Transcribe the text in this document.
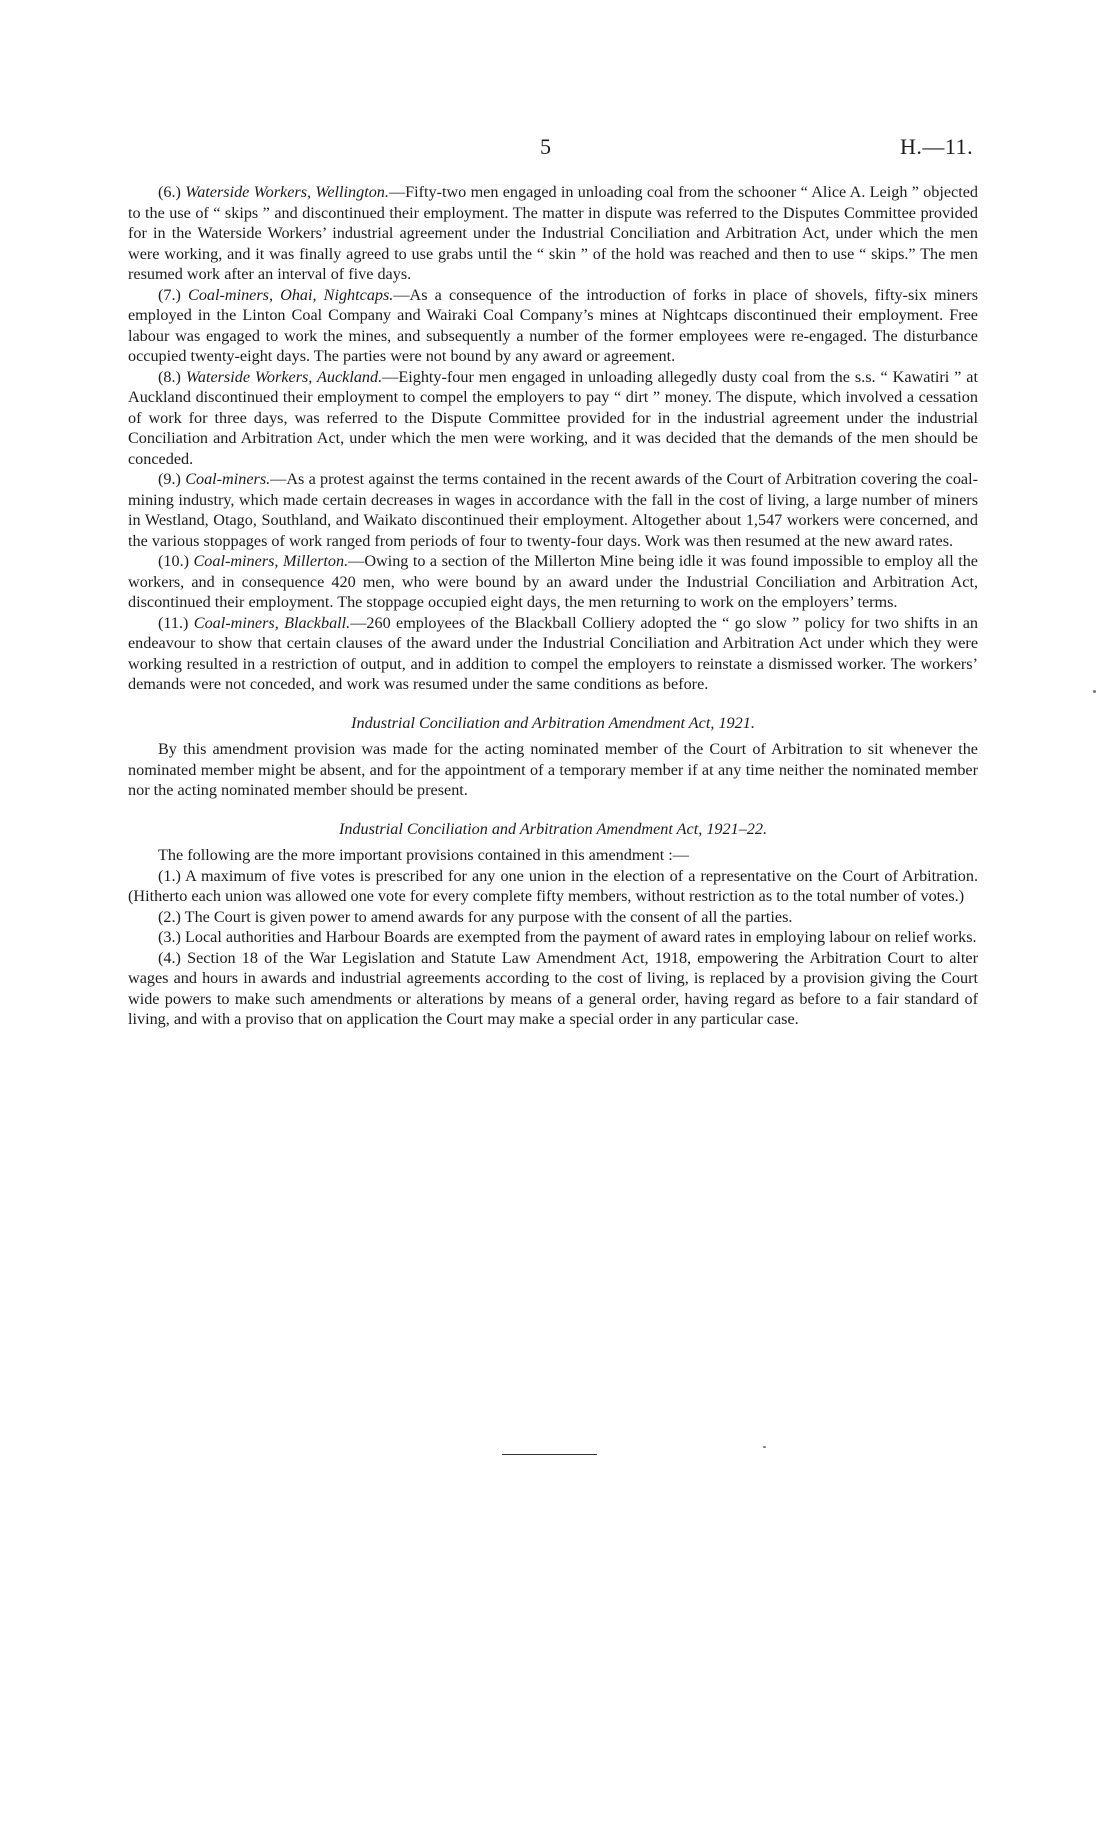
5	H.—11.

(6.) Waterside Workers, Wellington.—Fifty-two men engaged in unloading coal from the schooner “ Alice A. Leigh ” objected to the use of “ skips ” and discontinued their employment. The matter in dispute was referred to the Disputes Committee provided for in the Waterside Workers’ industrial agreement under the Industrial Conciliation and Arbitration Act, under which the men were working, and it was finally agreed to use grabs until the “ skin ” of the hold was reached and then to use “ skips.” The men resumed work after an interval of five days.

(7.) Coal-miners, Ohai, Nightcaps.—As a consequence of the introduction of forks in place of shovels, fifty-six miners employed in the Linton Coal Company and Wairaki Coal Company’s mines at Nightcaps discontinued their employment. Free labour was engaged to work the mines, and subsequently a number of the former employees were re-engaged. The disturbance occupied twenty-eight days. The parties were not bound by any award or agreement.

(8.) Waterside Workers, Auckland.—Eighty-four men engaged in unloading allegedly dusty coal from the s.s. “ Kawatiri ” at Auckland discontinued their employment to compel the employers to pay “ dirt ” money. The dispute, which involved a cessation of work for three days, was referred to the Dispute Committee provided for in the industrial agreement under the industrial Conciliation and Arbitration Act, under which the men were working, and it was decided that the demands of the men should be conceded.

(9.) Coal-miners.—As a protest against the terms contained in the recent awards of the Court of Arbitration covering the coal-mining industry, which made certain decreases in wages in accordance with the fall in the cost of living, a large number of miners in Westland, Otago, Southland, and Waikato discontinued their employment. Altogether about 1,547 workers were concerned, and the various stoppages of work ranged from periods of four to twenty-four days. Work was then resumed at the new award rates.

(10.) Coal-miners, Millerton.—Owing to a section of the Millerton Mine being idle it was found impossible to employ all the workers, and in consequence 420 men, who were bound by an award under the Industrial Conciliation and Arbitration Act, discontinued their employment. The stoppage occupied eight days, the men returning to work on the employers’ terms.

(11.) Coal-miners, Blackball.—260 employees of the Blackball Colliery adopted the “ go slow ” policy for two shifts in an endeavour to show that certain clauses of the award under the Industrial Conciliation and Arbitration Act under which they were working resulted in a restriction of output, and in addition to compel the employers to reinstate a dismissed worker. The workers’ demands were not conceded, and work was resumed under the same conditions as before.

Industrial Conciliation and Arbitration Amendment Act, 1921.

By this amendment provision was made for the acting nominated member of the Court of Arbitration to sit whenever the nominated member might be absent, and for the appointment of a temporary member if at any time neither the nominated member nor the acting nominated member should be present.

Industrial Conciliation and Arbitration Amendment Act, 1921–22.

The following are the more important provisions contained in this amendment :—

(1.) A maximum of five votes is prescribed for any one union in the election of a representative on the Court of Arbitration. (Hitherto each union was allowed one vote for every complete fifty members, without restriction as to the total number of votes.)

(2.) The Court is given power to amend awards for any purpose with the consent of all the parties.

(3.) Local authorities and Harbour Boards are exempted from the payment of award rates in employing labour on relief works.

(4.) Section 18 of the War Legislation and Statute Law Amendment Act, 1918, empowering the Arbitration Court to alter wages and hours in awards and industrial agreements according to the cost of living, is replaced by a provision giving the Court wide powers to make such amendments or alterations by means of a general order, having regard as before to a fair standard of living, and with a proviso that on application the Court may make a special order in any particular case.
